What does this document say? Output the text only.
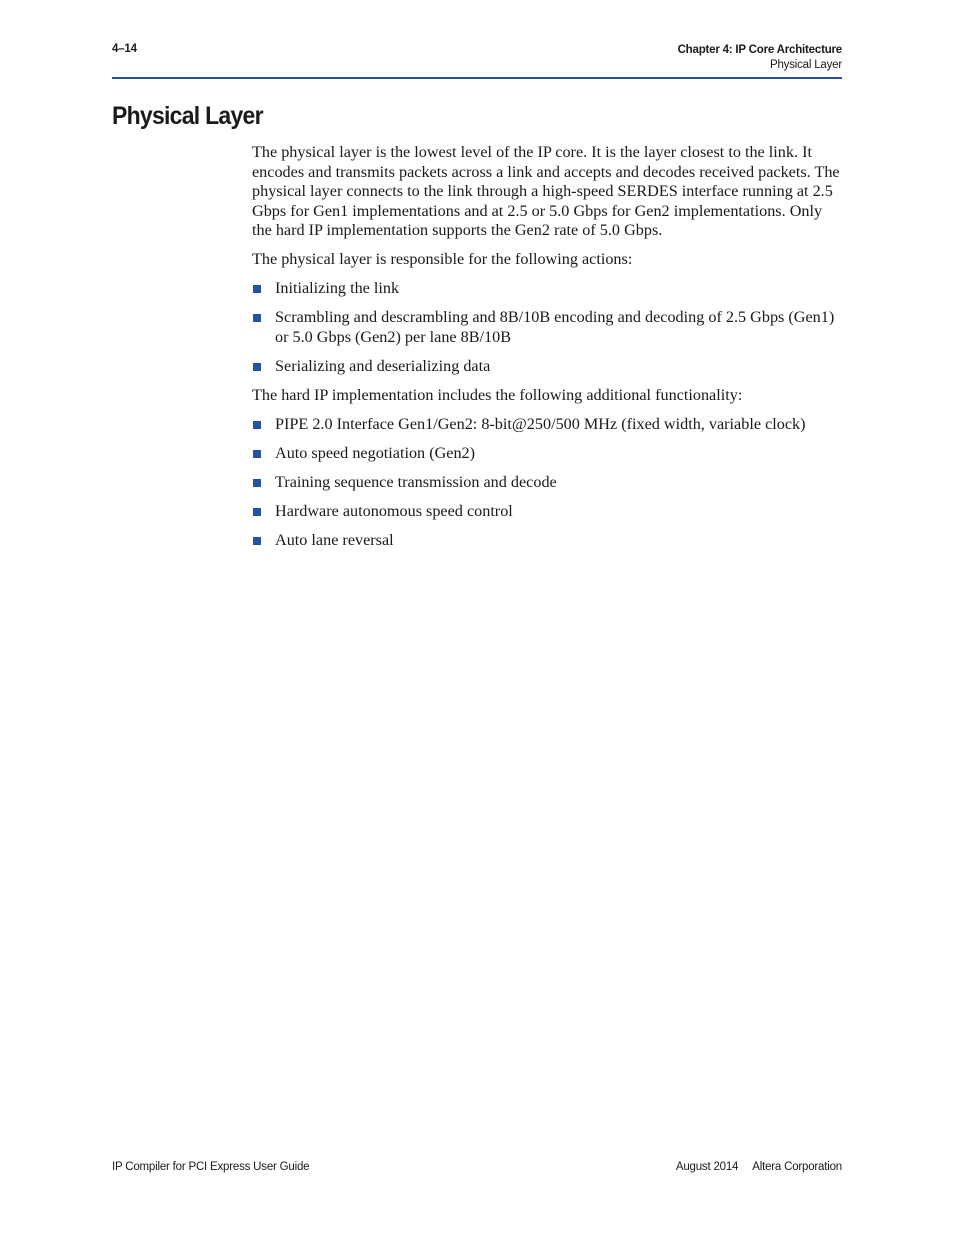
4–14	Chapter 4: IP Core Architecture
Physical Layer
Physical Layer

The physical layer is the lowest level of the IP core. It is the layer closest to the link. It encodes and transmits packets across a link and accepts and decodes received packets. The physical layer connects to the link through a high-speed SERDES interface running at 2.5 Gbps for Gen1 implementations and at 2.5 or 5.0 Gbps for Gen2 implementations. Only the hard IP implementation supports the Gen2 rate of 5.0 Gbps.

The physical layer is responsible for the following actions:

Initializing the link
Scrambling and descrambling and 8B/10B encoding and decoding of 2.5 Gbps (Gen1) or 5.0 Gbps (Gen2) per lane 8B/10B
Serializing and deserializing data

The hard IP implementation includes the following additional functionality:

PIPE 2.0 Interface Gen1/Gen2: 8-bit@250/500 MHz (fixed width, variable clock)
Auto speed negotiation (Gen2)
Training sequence transmission and decode
Hardware autonomous speed control
Auto lane reversal
IP Compiler for PCI Express User Guide	August 2014 Altera Corporation
